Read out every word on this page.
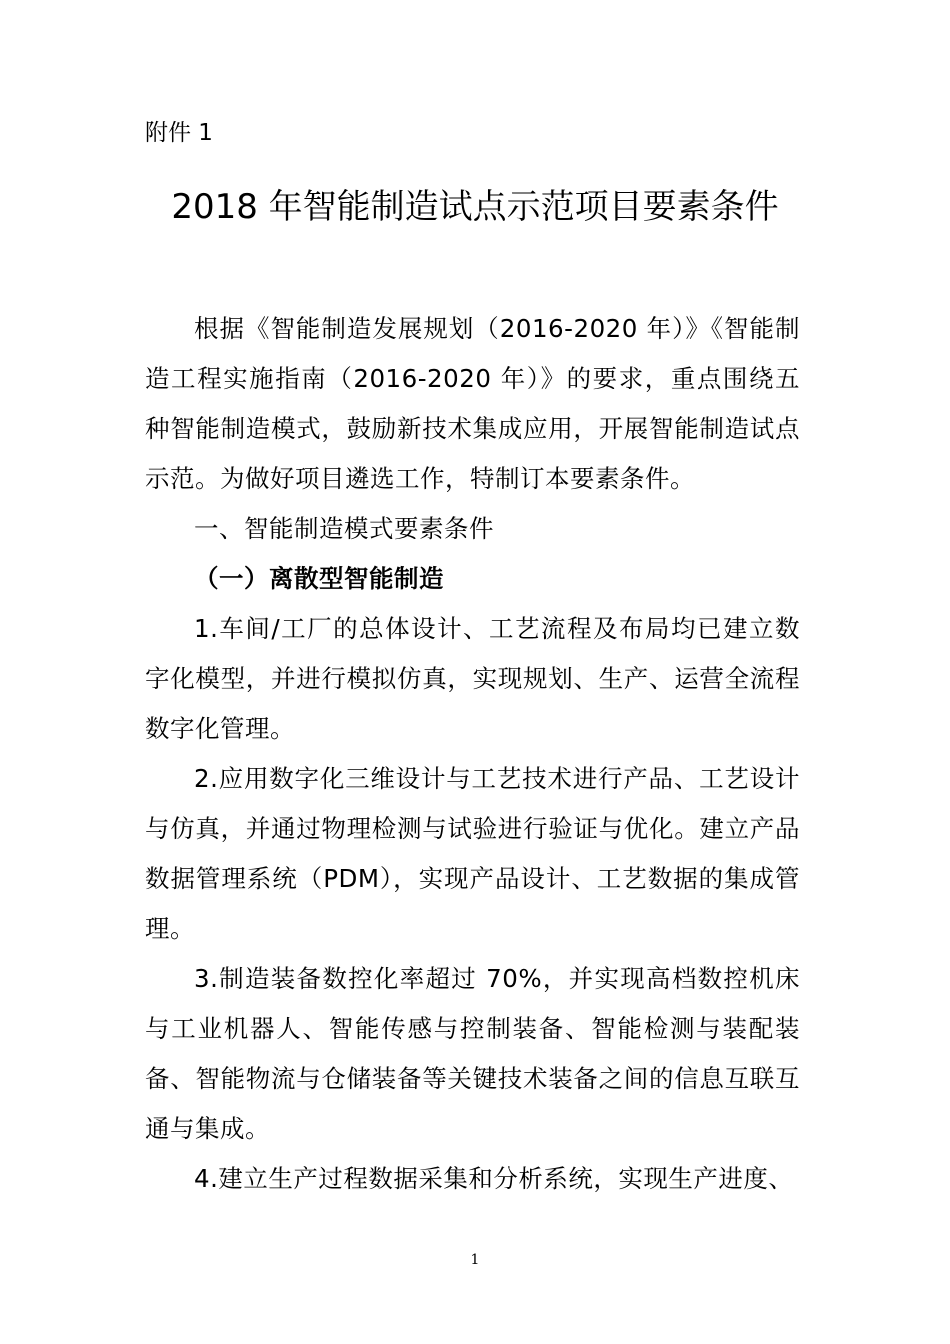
附件 1
2018 年智能制造试点示范项目要素条件

根据《智能制造发展规划（2016-2020 年）》《智能制造工程实施指南（2016-2020 年）》的要求，重点围绕五种智能制造模式，鼓励新技术集成应用，开展智能制造试点示范。为做好项目遴选工作，特制订本要素条件。

一、智能制造模式要素条件

（一）离散型智能制造

1.车间/工厂的总体设计、工艺流程及布局均已建立数字化模型，并进行模拟仿真，实现规划、生产、运营全流程数字化管理。

2.应用数字化三维设计与工艺技术进行产品、工艺设计与仿真，并通过物理检测与试验进行验证与优化。建立产品数据管理系统（PDM），实现产品设计、工艺数据的集成管理。

3.制造装备数控化率超过 70%，并实现高档数控机床与工业机器人、智能传感与控制装备、智能检测与装配装备、智能物流与仓储装备等关键技术装备之间的信息互联互通与集成。

4.建立生产过程数据采集和分析系统，实现生产进度、

1
